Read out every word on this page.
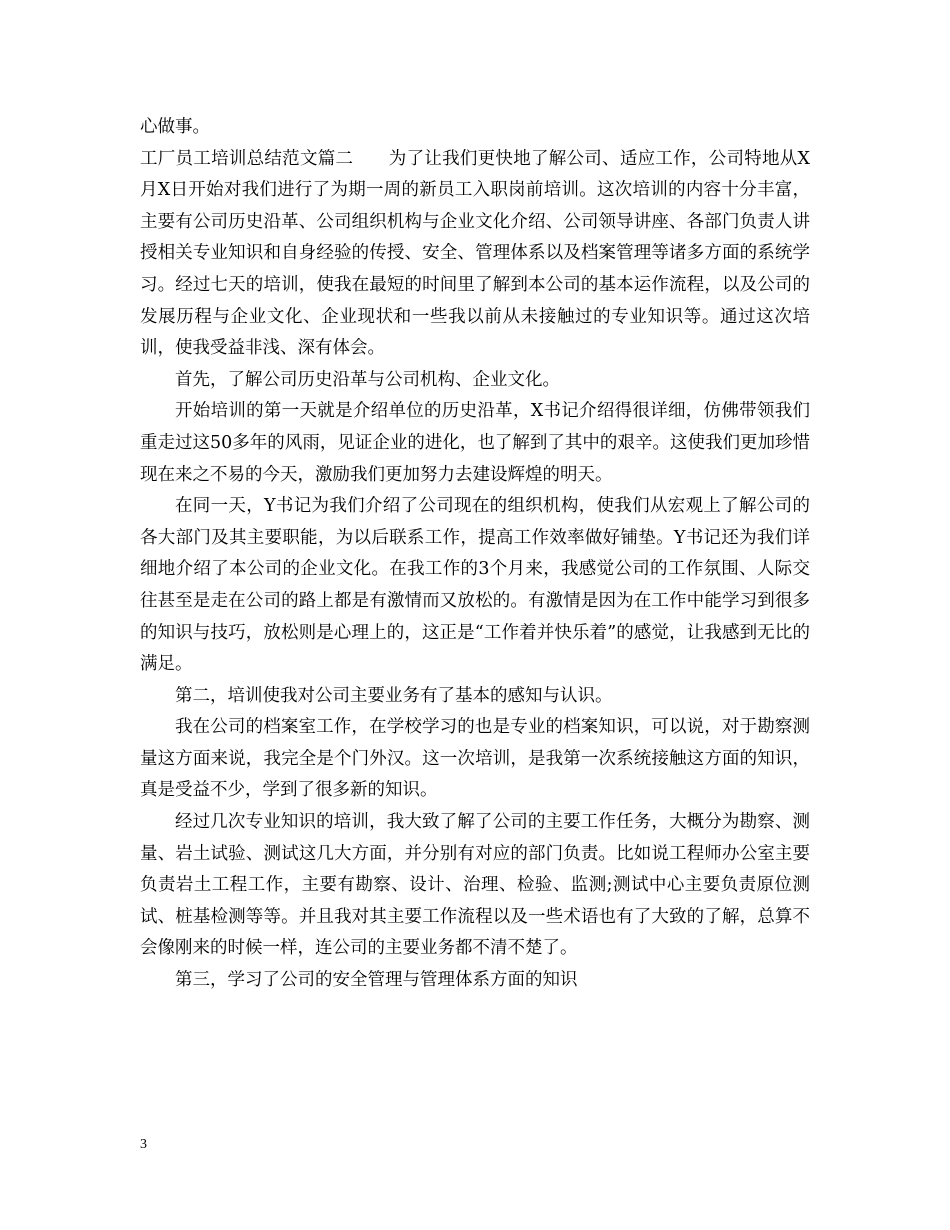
心做事。

工厂员工培训总结范文篇二　　为了让我们更快地了解公司、适应工作，公司特地从X月X日开始对我们进行了为期一周的新员工入职岗前培训。这次培训的内容十分丰富，主要有公司历史沿革、公司组织机构与企业文化介绍、公司领导讲座、各部门负责人讲授相关专业知识和自身经验的传授、安全、管理体系以及档案管理等诸多方面的系统学习。经过七天的培训，使我在最短的时间里了解到本公司的基本运作流程，以及公司的发展历程与企业文化、企业现状和一些我以前从未接触过的专业知识等。通过这次培训，使我受益非浅、深有体会。

首先，了解公司历史沿革与公司机构、企业文化。

开始培训的第一天就是介绍单位的历史沿革，X书记介绍得很详细，仿佛带领我们重走过这50多年的风雨，见证企业的进化，也了解到了其中的艰辛。这使我们更加珍惜现在来之不易的今天，激励我们更加努力去建设辉煌的明天。

在同一天，Y书记为我们介绍了公司现在的组织机构，使我们从宏观上了解公司的各大部门及其主要职能，为以后联系工作，提高工作效率做好铺垫。Y书记还为我们详细地介绍了本公司的企业文化。在我工作的3个月来，我感觉公司的工作氛围、人际交往甚至是走在公司的路上都是有激情而又放松的。有激情是因为在工作中能学习到很多的知识与技巧，放松则是心理上的，这正是“工作着并快乐着”的感觉，让我感到无比的满足。

第二，培训使我对公司主要业务有了基本的感知与认识。

我在公司的档案室工作，在学校学习的也是专业的档案知识，可以说，对于勘察测量这方面来说，我完全是个门外汉。这一次培训，是我第一次系统接触这方面的知识，真是受益不少，学到了很多新的知识。

经过几次专业知识的培训，我大致了解了公司的主要工作任务，大概分为勘察、测量、岩土试验、测试这几大方面，并分别有对应的部门负责。比如说工程师办公室主要负责岩土工程工作，主要有勘察、设计、治理、检验、监测;测试中心主要负责原位测试、桩基检测等等。并且我对其主要工作流程以及一些术语也有了大致的了解，总算不会像刚来的时候一样，连公司的主要业务都不清不楚了。

第三，学习了公司的安全管理与管理体系方面的知识

3
